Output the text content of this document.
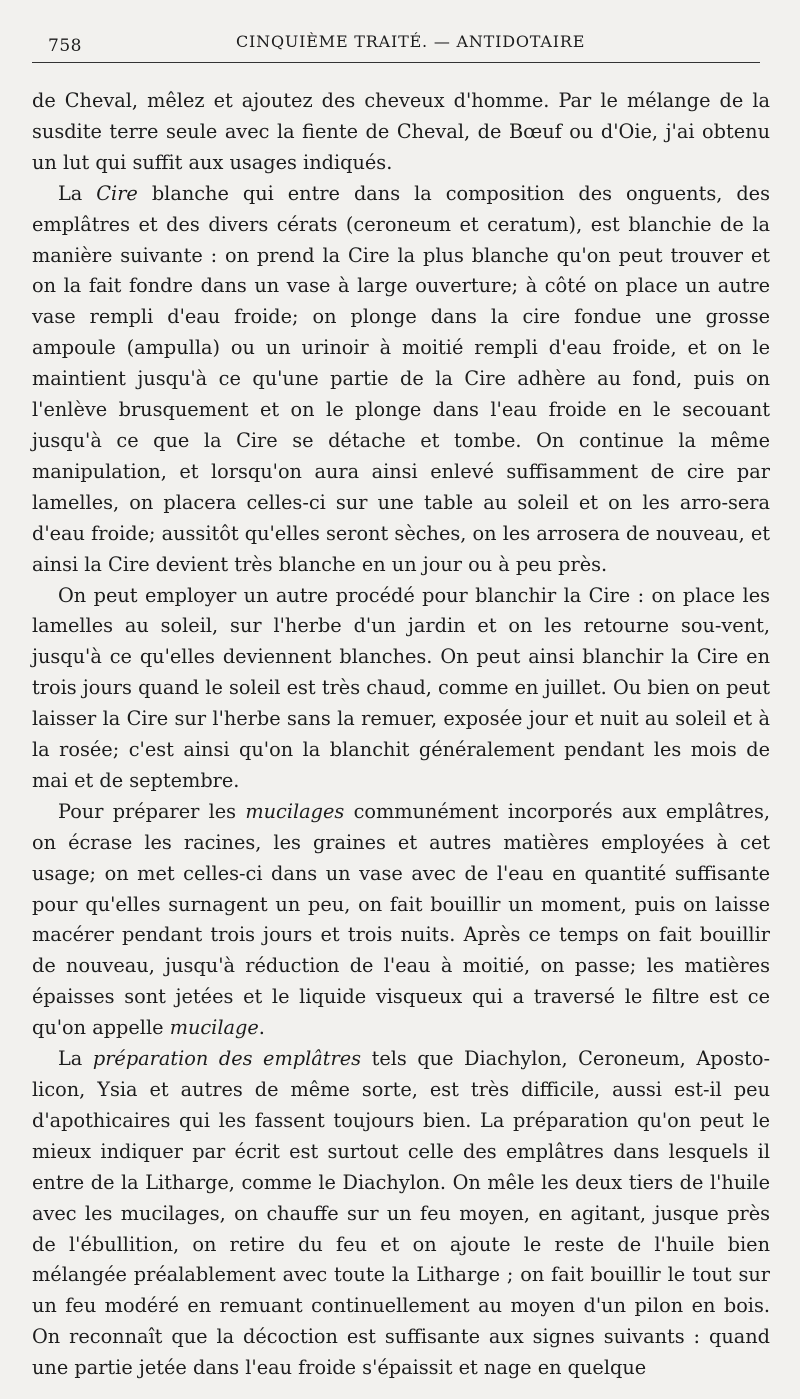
758	CINQUIÈME TRAITÉ. — ANTIDOTAIRE

de Cheval, mêlez et ajoutez des cheveux d'homme. Par le mélange de la susdite terre seule avec la fiente de Cheval, de Bœuf ou d'Oie, j'ai obtenu un lut qui suffit aux usages indiqués.

La Cire blanche qui entre dans la composition des onguents, des emplâtres et des divers cérats (ceroneum et ceratum), est blanchie de la manière suivante : on prend la Cire la plus blanche qu'on peut trouver et on la fait fondre dans un vase à large ouverture; à côté on place un autre vase rempli d'eau froide; on plonge dans la cire fondue une grosse ampoule (ampulla) ou un urinoir à moitié rempli d'eau froide, et on le maintient jusqu'à ce qu'une partie de la Cire adhère au fond, puis on l'enlève brusquement et on le plonge dans l'eau froide en le secouant jusqu'à ce que la Cire se détache et tombe. On continue la même manipulation, et lorsqu'on aura ainsi enlevé suffisamment de cire par lamelles, on placera celles-ci sur une table au soleil et on les arro-sera d'eau froide; aussitôt qu'elles seront sèches, on les arrosera de nouveau, et ainsi la Cire devient très blanche en un jour ou à peu près.

On peut employer un autre procédé pour blanchir la Cire : on place les lamelles au soleil, sur l'herbe d'un jardin et on les retourne sou-vent, jusqu'à ce qu'elles deviennent blanches. On peut ainsi blanchir la Cire en trois jours quand le soleil est très chaud, comme en juillet. Ou bien on peut laisser la Cire sur l'herbe sans la remuer, exposée jour et nuit au soleil et à la rosée; c'est ainsi qu'on la blanchit généralement pendant les mois de mai et de septembre.

Pour préparer les mucilages communément incorporés aux emplâtres, on écrase les racines, les graines et autres matières employées à cet usage; on met celles-ci dans un vase avec de l'eau en quantité suffisante pour qu'elles surnagent un peu, on fait bouillir un moment, puis on laisse macérer pendant trois jours et trois nuits. Après ce temps on fait bouillir de nouveau, jusqu'à réduction de l'eau à moitié, on passe; les matières épaisses sont jetées et le liquide visqueux qui a traversé le filtre est ce qu'on appelle mucilage.

La préparation des emplâtres tels que Diachylon, Ceroneum, Aposto-licon, Ysia et autres de même sorte, est très difficile, aussi est-il peu d'apothicaires qui les fassent toujours bien. La préparation qu'on peut le mieux indiquer par écrit est surtout celle des emplâtres dans lesquels il entre de la Litharge, comme le Diachylon. On mêle les deux tiers de l'huile avec les mucilages, on chauffe sur un feu moyen, en agitant, jusque près de l'ébullition, on retire du feu et on ajoute le reste de l'huile bien mélangée préalablement avec toute la Litharge ; on fait bouillir le tout sur un feu modéré en remuant continuellement au moyen d'un pilon en bois. On reconnaît que la décoction est suffisante aux signes suivants : quand une partie jetée dans l'eau froide s'épaissit et nage en quelque
